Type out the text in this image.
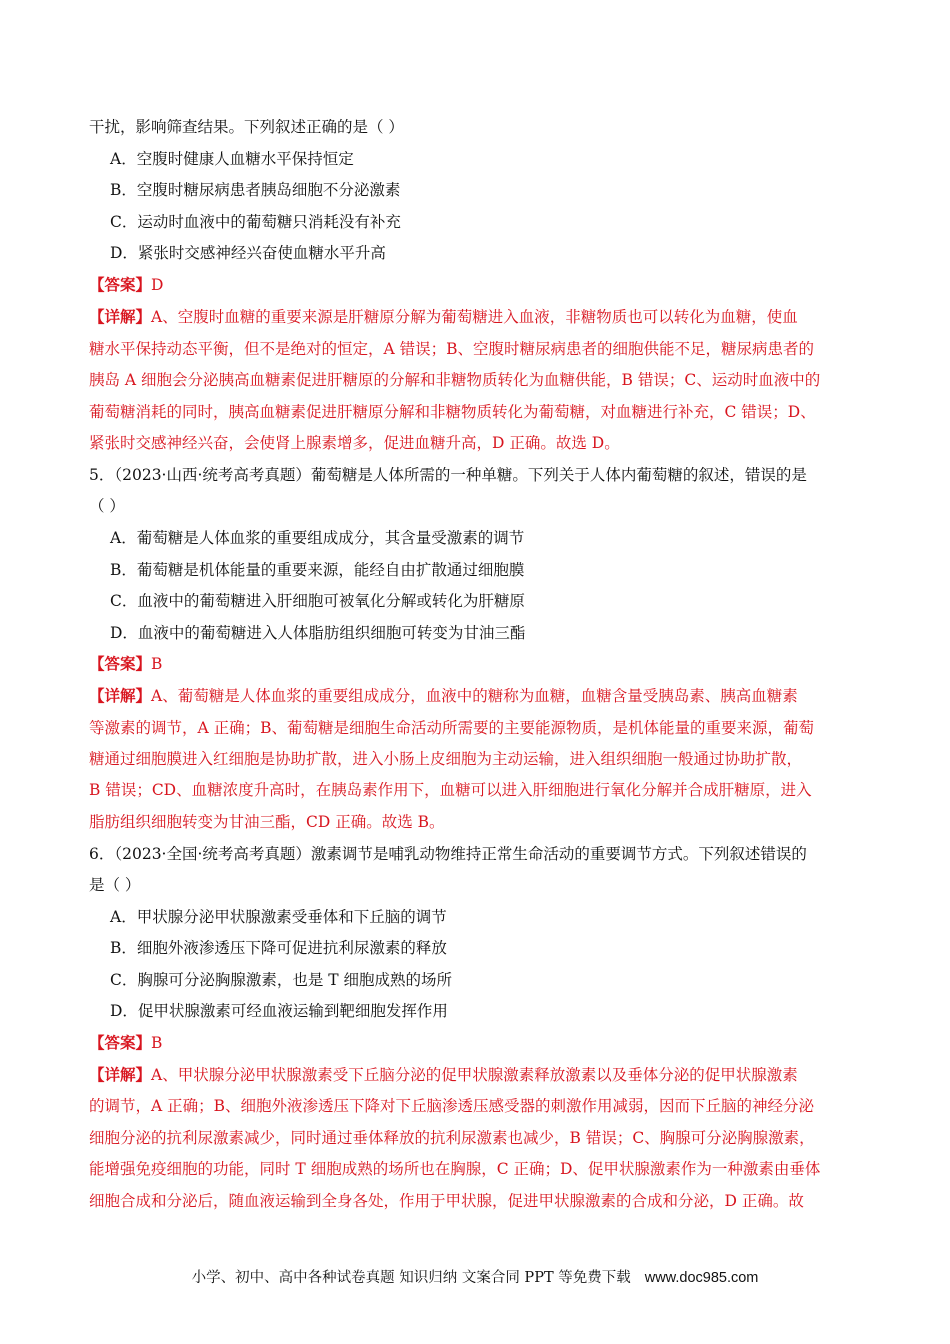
干扰，影响筛查结果。下列叙述正确的是（ ）
A．空腹时健康人血糖水平保持恒定
B．空腹时糖尿病患者胰岛细胞不分泌激素
C．运动时血液中的葡萄糖只消耗没有补充
D．紧张时交感神经兴奋使血糖水平升高
【答案】D
【详解】A、空腹时血糖的重要来源是肝糖原分解为葡萄糖进入血液，非糖物质也可以转化为血糖，使血
糖水平保持动态平衡，但不是绝对的恒定，A 错误；B、空腹时糖尿病患者的细胞供能不足，糖尿病患者的
胰岛 A 细胞会分泌胰高血糖素促进肝糖原的分解和非糖物质转化为血糖供能，B 错误；C、运动时血液中的
葡萄糖消耗的同时，胰高血糖素促进肝糖原分解和非糖物质转化为葡萄糖，对血糖进行补充，C 错误；D、
紧张时交感神经兴奋，会使肾上腺素增多，促进血糖升高，D 正确。故选 D。
5．（2023·山西·统考高考真题）葡萄糖是人体所需的一种单糖。下列关于人体内葡萄糖的叙述，错误的是
（ ）
A．葡萄糖是人体血浆的重要组成成分，其含量受激素的调节
B．葡萄糖是机体能量的重要来源，能经自由扩散通过细胞膜
C．血液中的葡萄糖进入肝细胞可被氧化分解或转化为肝糖原
D．血液中的葡萄糖进入人体脂肪组织细胞可转变为甘油三酯
【答案】B
【详解】A、葡萄糖是人体血浆的重要组成成分，血液中的糖称为血糖，血糖含量受胰岛素、胰高血糖素
等激素的调节，A 正确；B、葡萄糖是细胞生命活动所需要的主要能源物质，是机体能量的重要来源，葡萄
糖通过细胞膜进入红细胞是协助扩散，进入小肠上皮细胞为主动运输，进入组织细胞一般通过协助扩散，
B 错误；CD、血糖浓度升高时，在胰岛素作用下，血糖可以进入肝细胞进行氧化分解并合成肝糖原，进入
脂肪组织细胞转变为甘油三酯，CD 正确。故选 B。
6．（2023·全国·统考高考真题）激素调节是哺乳动物维持正常生命活动的重要调节方式。下列叙述错误的
是（ ）
A．甲状腺分泌甲状腺激素受垂体和下丘脑的调节
B．细胞外液渗透压下降可促进抗利尿激素的释放
C．胸腺可分泌胸腺激素，也是 T 细胞成熟的场所
D．促甲状腺激素可经血液运输到靶细胞发挥作用
【答案】B
【详解】A、甲状腺分泌甲状腺激素受下丘脑分泌的促甲状腺激素释放激素以及垂体分泌的促甲状腺激素
的调节，A 正确；B、细胞外液渗透压下降对下丘脑渗透压感受器的刺激作用减弱，因而下丘脑的神经分泌
细胞分泌的抗利尿激素减少，同时通过垂体释放的抗利尿激素也减少，B 错误；C、胸腺可分泌胸腺激素，
能增强免疫细胞的功能，同时 T 细胞成熟的场所也在胸腺，C 正确；D、促甲状腺激素作为一种激素由垂体
细胞合成和分泌后，随血液运输到全身各处，作用于甲状腺，促进甲状腺激素的合成和分泌，D 正确。故
小学、初中、高中各种试卷真题 知识归纳 文案合同 PPT 等免费下载 www.doc985.com
